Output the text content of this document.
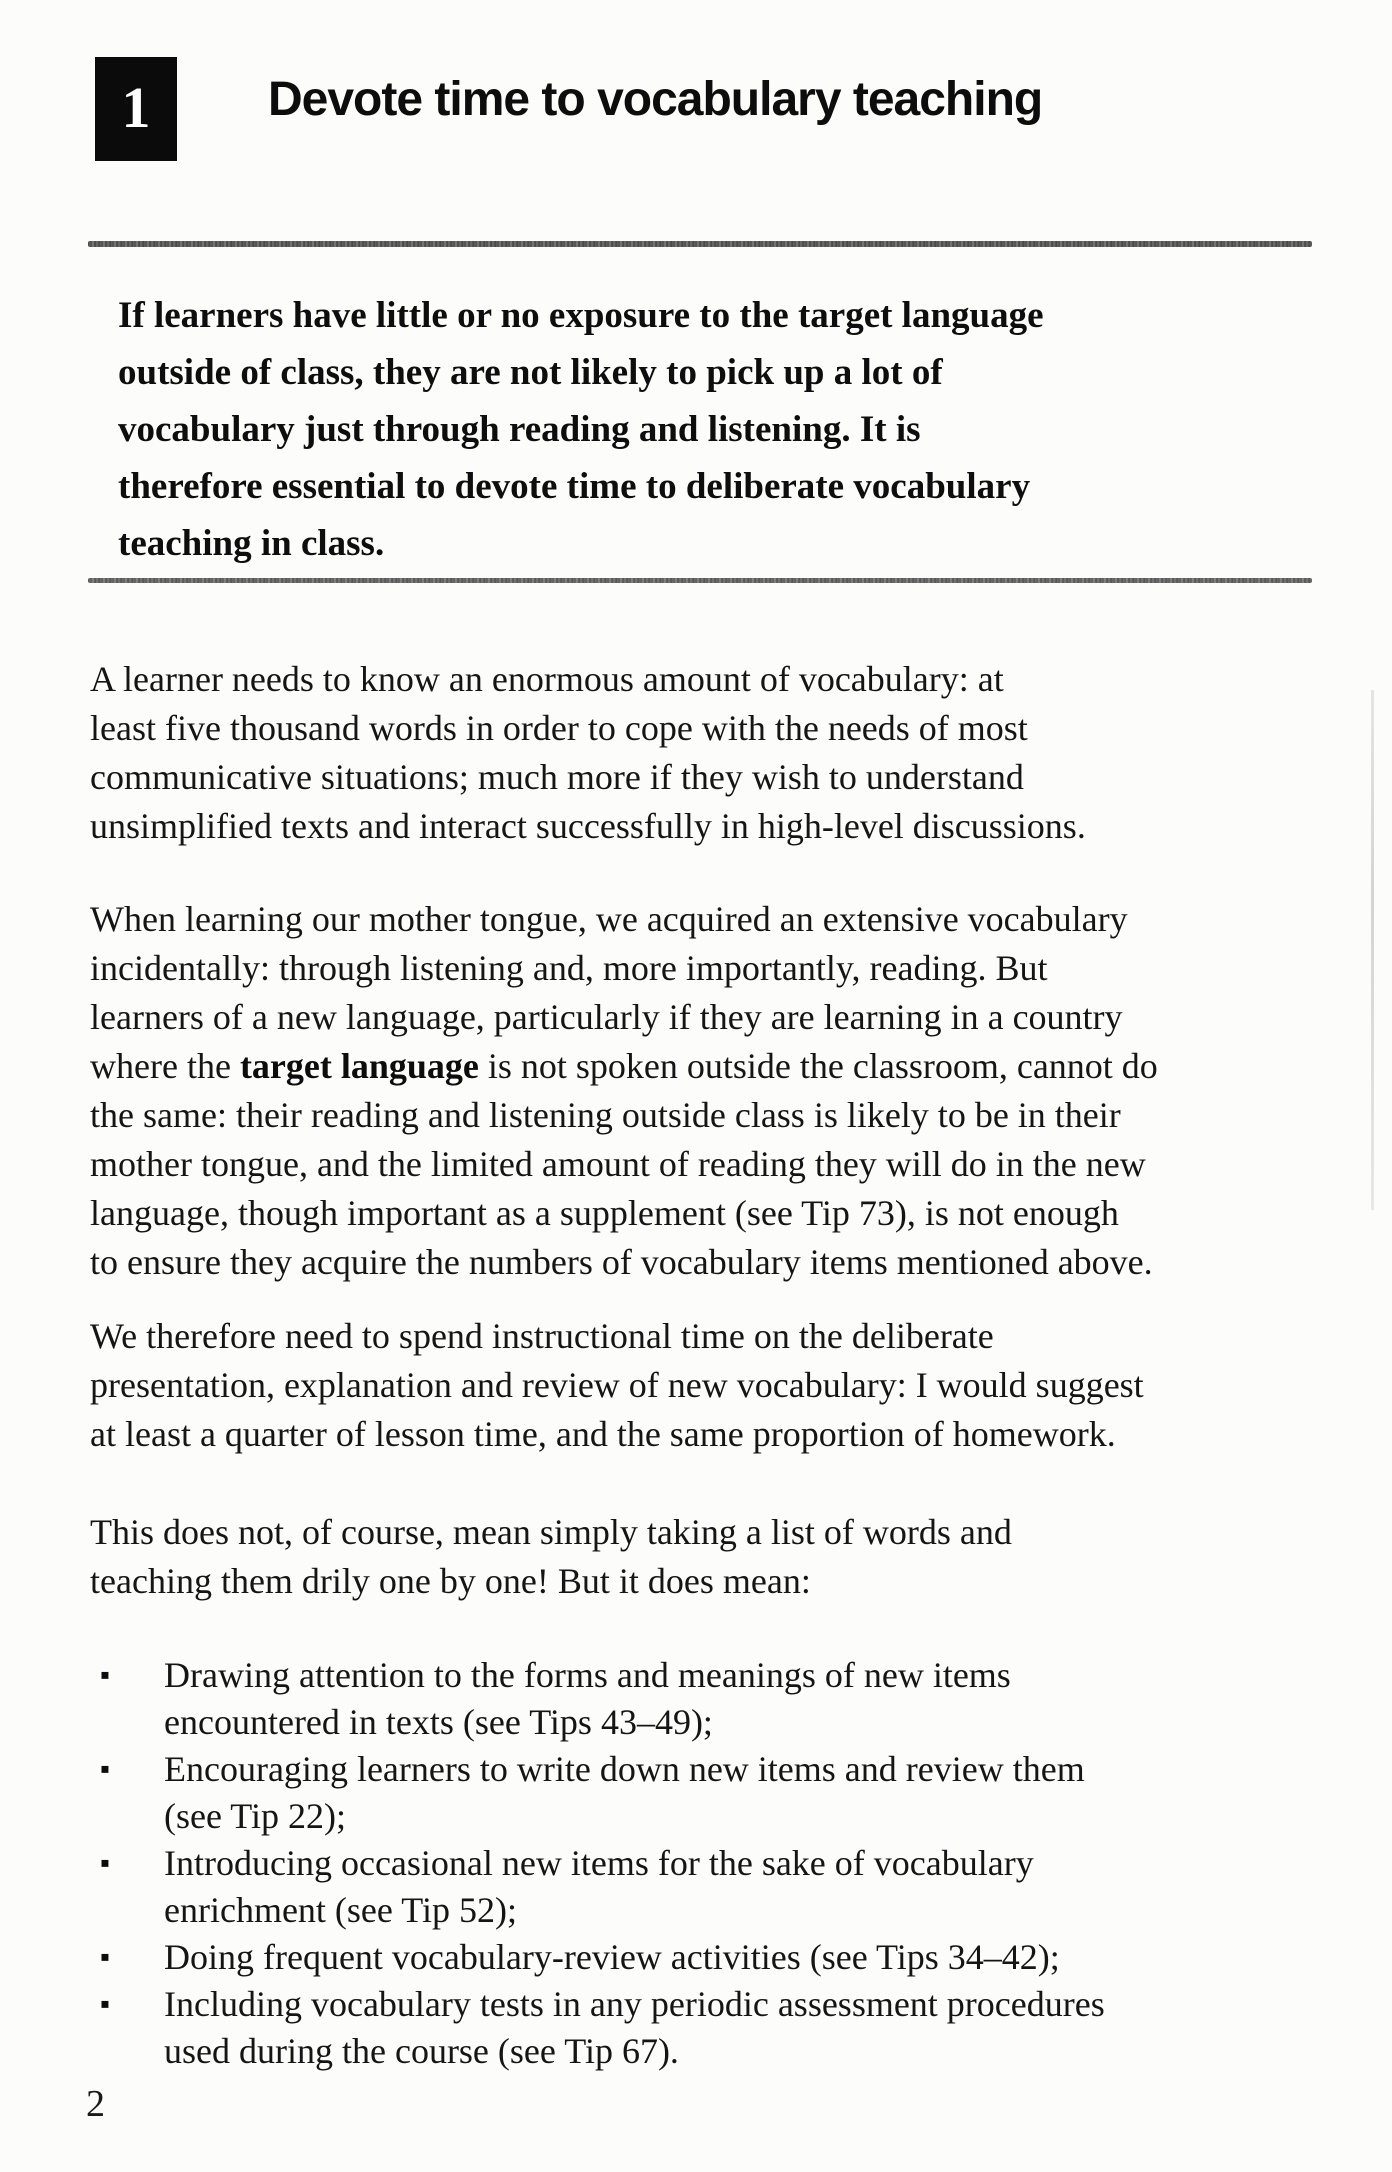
1	Devote time to vocabulary teaching
If learners have little or no exposure to the target language
outside of class, they are not likely to pick up a lot of
vocabulary just through reading and listening. It is
therefore essential to devote time to deliberate vocabulary
teaching in class.
A learner needs to know an enormous amount of vocabulary: at
least five thousand words in order to cope with the needs of most
communicative situations; much more if they wish to understand
unsimplified texts and interact successfully in high-level discussions.
When learning our mother tongue, we acquired an extensive vocabulary
incidentally: through listening and, more importantly, reading. But
learners of a new language, particularly if they are learning in a country
where the target language is not spoken outside the classroom, cannot do
the same: their reading and listening outside class is likely to be in their
mother tongue, and the limited amount of reading they will do in the new
language, though important as a supplement (see Tip 73), is not enough
to ensure they acquire the numbers of vocabulary items mentioned above.
We therefore need to spend instructional time on the deliberate
presentation, explanation and review of new vocabulary: I would suggest
at least a quarter of lesson time, and the same proportion of homework.
This does not, of course, mean simply taking a list of words and
teaching them drily one by one! But it does mean:
▪	Drawing attention to the forms and meanings of new items
encountered in texts (see Tips 43–49);
▪	Encouraging learners to write down new items and review them
(see Tip 22);
▪	Introducing occasional new items for the sake of vocabulary
enrichment (see Tip 52);
▪	Doing frequent vocabulary-review activities (see Tips 34–42);
▪	Including vocabulary tests in any periodic assessment procedures
used during the course (see Tip 67).
2
